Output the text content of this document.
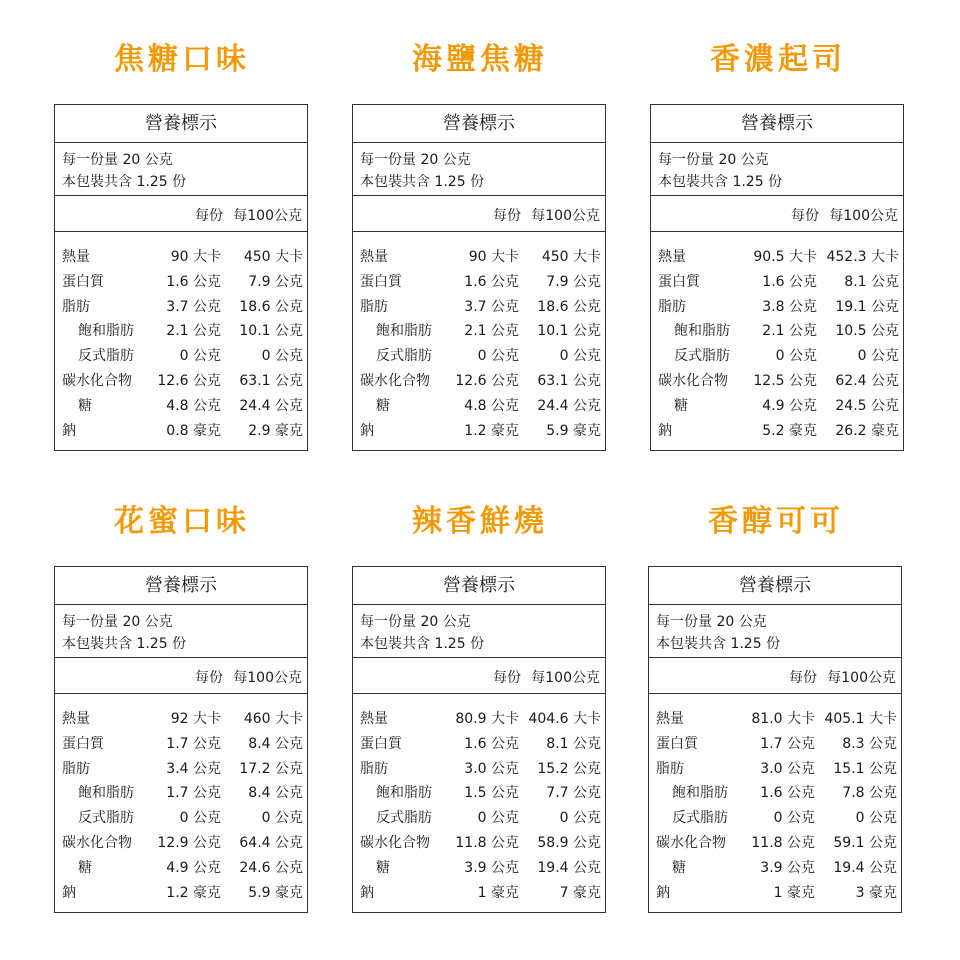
焦糖口味
營養標示
每一份量 20 公克
本包裝共含 1.25 份
每份 每100公克
熱量	90 大卡 450 大卡
蛋白質	1.6 公克 7.9 公克
脂肪	3.7 公克 18.6 公克
飽和脂肪 2.1 公克 10.1 公克
反式脂肪	0 公克	0 公克
碳水化合物 12.6 公克 63.1 公克
糖	4.8 公克 24.4 公克
鈉	0.8 豪克 2.9 豪克
海鹽焦糖
營養標示
每一份量 20 公克
本包裝共含 1.25 份
每份 每100公克
熱量	90 大卡 450 大卡
蛋白質	1.6 公克 7.9 公克
脂肪	3.7 公克 18.6 公克
飽和脂肪 2.1 公克 10.1 公克
反式脂肪	0 公克	0 公克
碳水化合物 12.6 公克 63.1 公克
糖	4.8 公克 24.4 公克
鈉	1.2 豪克 5.9 豪克
香濃起司
營養標示
每一份量 20 公克
本包裝共含 1.25 份
每份 每100公克
熱量	90.5 大卡 452.3 大卡
蛋白質	1.6 公克 8.1 公克
脂肪	3.8 公克 19.1 公克
飽和脂肪 2.1 公克 10.5 公克
反式脂肪	0 公克	0 公克
碳水化合物 12.5 公克 62.4 公克
糖	4.9 公克 24.5 公克
鈉	5.2 豪克 26.2 豪克
花蜜口味
營養標示
每一份量 20 公克
本包裝共含 1.25 份
每份 每100公克
熱量	92 大卡 460 大卡
蛋白質	1.7 公克 8.4 公克
脂肪	3.4 公克 17.2 公克
飽和脂肪 1.7 公克 8.4 公克
反式脂肪	0 公克	0 公克
碳水化合物 12.9 公克 64.4 公克
糖	4.9 公克 24.6 公克
鈉	1.2 豪克 5.9 豪克
辣香鮮燒
營養標示
每一份量 20 公克
本包裝共含 1.25 份
每份 每100公克
熱量	80.9 大卡 404.6 大卡
蛋白質	1.6 公克 8.1 公克
脂肪	3.0 公克 15.2 公克
飽和脂肪 1.5 公克 7.7 公克
反式脂肪	0 公克	0 公克
碳水化合物 11.8 公克 58.9 公克
糖	3.9 公克 19.4 公克
鈉	1 豪克	7 豪克
香醇可可
營養標示
每一份量 20 公克
本包裝共含 1.25 份
每份 每100公克
熱量	81.0 大卡 405.1 大卡
蛋白質	1.7 公克 8.3 公克
脂肪	3.0 公克 15.1 公克
飽和脂肪 1.6 公克 7.8 公克
反式脂肪	0 公克	0 公克
碳水化合物 11.8 公克 59.1 公克
糖	3.9 公克 19.4 公克
鈉	1 豪克	3 豪克
